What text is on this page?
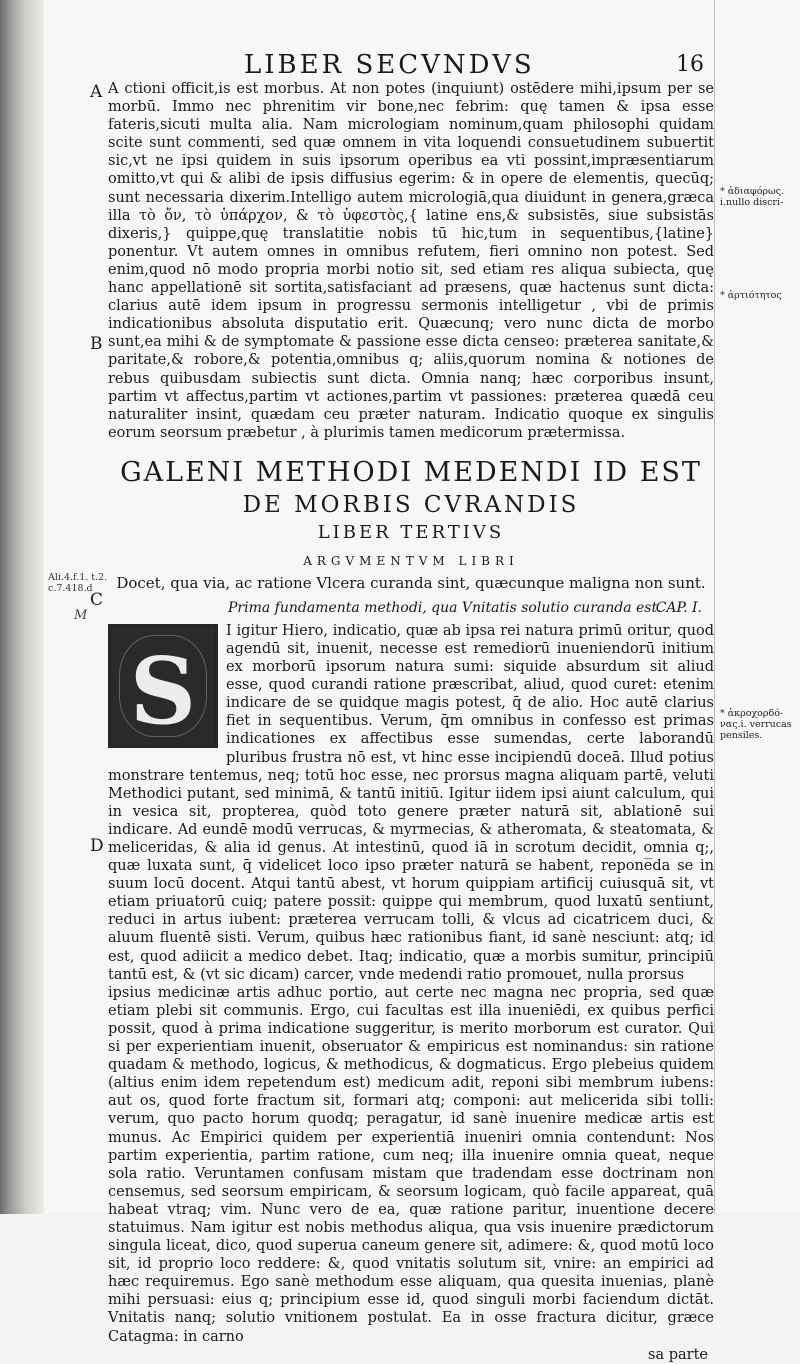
LIBER SECVNDVS	16
A
B
Ali.4.f.1. t.2.
c.7.418.d
C
M
D
* ἀδιαφόρως.
i.nullo discri-
* ἀρτιότητος
* ἀκροχορδό-
νας.i. verrucas
pensiles.

A ctioni officit,is est morbus. At non potes (inquiunt) ostēdere mihi,ipsum per se morbū. Immo nec phrenitim vir bone,nec febrim: quę tamen & ipsa esse fateris,sicuti multa alia. Nam micrologiam nominum,quam philosophi quidam scite sunt commenti, sed quæ omnem in vita loquendi consuetudinem subuertit sic,vt ne ipsi quidem in suis ipsorum operibus ea vti possint,impræsentiarum omitto,vt qui & alibi de ipsis diffusius egerim: & in opere de elementis, quecūq; sunt necessaria dixerim.Intelligo autem micrologiā,qua diuidunt in genera,græca illa τὸ ὄν, τὸ ὑπάρχον, & τὸ ὑφεστὸς,{ latine ens,& subsistēs, siue subsistās dixeris,} quippe,quę translatitie nobis tū hic,tum in sequentibus,{latine} ponentur. Vt autem omnes in omnibus refutem, fieri omnino non potest. Sed enim,quod nō modo propria morbi notio sit, sed etiam res aliqua subiecta, quę hanc appellationē sit sortita,satisfaciant ad præsens, quæ hactenus sunt dicta: clarius autē idem ipsum in progressu sermonis intelligetur , vbi de primis indicationibus absoluta disputatio erit. Quæcunq; vero nunc dicta de morbo sunt,ea mihi & de symptomate & passione esse dicta censeo: præterea sanitate,& paritate,& robore,& potentia,omnibus q; aliis,quorum nomina & notiones de rebus quibusdam subiectis sunt dicta. Omnia nanq; hæc corporibus insunt, partim vt affectus,partim vt actiones,partim vt passiones: præterea quædā ceu naturaliter insint, quædam ceu præter naturam. Indicatio quoque ex singulis eorum seorsum præbetur , à plurimis tamen medicorum prætermissa.

GALENI METHODI MEDENDI ID EST

DE MORBIS CVRANDIS

LIBER TERTIVS

ARGVMENTVM LIBRI

Docet, qua via, ac ratione Vlcera curanda sint, quæcunque maligna non sunt.

Prima fundamenta methodi, qua Vnitatis solutio curanda est.
CAP. I.
S

I igitur Hiero, indicatio, quæ ab ipsa rei natura primū oritur, quod agendū sit, inuenit, necesse est remediorū inueniendorū initium ex morborū ipsorum natura sumi: siquide absurdum sit aliud esse, quod curandi ratione præscribat, aliud, quod curet: etenim indicare de se quidque magis potest, q̄ de alio. Hoc autē clarius fiet in sequentibus. Verum, q̄m omnibus in confesso est primas indicationes ex affectibus esse sumendas, certe laborandū pluribus frustra nō est, vt hinc esse incipiendū doceā. Illud potius monstrare tentemus, neq; totū hoc esse, nec prorsus magna aliquam partē, veluti Methodici putant, sed minimā, & tantū initiū. Igitur iidem ipsi aiunt calculum, qui in vesica sit, propterea, quòd toto genere præter naturā sit, ablationē sui indicare. Ad eundē modū verrucas, & myrmecias, & atheromata, & steatomata, & meliceridas, & alia id genus. At intestinū, quod iā in scrotum decidit, omnia q;, quæ luxata sunt, q̄ videlicet loco ipso præter naturā se habent, repone̅da se in suum locū docent. Atqui tantū abest, vt horum quippiam artificij cuiusquā sit, vt etiam priuatorū cuiq; patere possit: quippe qui membrum, quod luxatū sentiunt, reduci in artus iubent: præterea verrucam tolli, & vlcus ad cicatricem duci, & aluum fluentē sisti. Verum, quibus hæc rationibus fiant, id sanè nesciunt: atq; id est, quod adiicit a medico debet. Itaq; indicatio, quæ a morbis sumitur, principiū tantū est, & (vt sic dicam) carcer, vnde medendi ratio promouet, nulla prorsus

ipsius medicinæ artis adhuc portio, aut certe nec magna nec propria, sed quæ etiam plebi sit communis. Ergo, cui facultas est illa inueniēdi, ex quibus perfici possit, quod à prima indicatione suggeritur, is merito morborum est curator. Qui si per experientiam inuenit, obseruator & empiricus est nominandus: sin ratione quadam & methodo, logicus, & methodicus, & dogmaticus. Ergo plebeius quidem (altius enim idem repetendum est) medicum adit, reponi sibi membrum iubens: aut os, quod forte fractum sit, formari atq; componi: aut melicerida sibi tolli: verum, quo pacto horum quodq; peragatur, id sanè inuenire medicæ artis est munus. Ac Empirici quidem per experientiā inueniri omnia contendunt: Nos partim experientia, partim ratione, cum neq; illa inuenire omnia queat, neque sola ratio. Veruntamen confusam mistam que tradendam esse doctrinam non censemus, sed seorsum empiricam, & seorsum logicam, quò facile appareat, quā habeat vtraq; vim. Nunc vero de ea, quæ ratione paritur, inuentione decere statuimus. Nam igitur est nobis methodus aliqua, qua vsis inuenire prædictorum singula liceat, dico, quod superua caneum genere sit, adimere: &, quod motū loco sit, id proprio loco reddere: &, quod vnitatis solutum sit, vnire: an empirici ad hæc requiremus. Ego sanè methodum esse aliquam, qua quesita inuenias, planè mihi persuasi: eius q; principium esse id, quod singuli morbi faciendum dictāt. Vnitatis nanq; solutio vnitionem postulat. Ea in osse fractura dicitur, græce Catagma: in carno

sa parte
